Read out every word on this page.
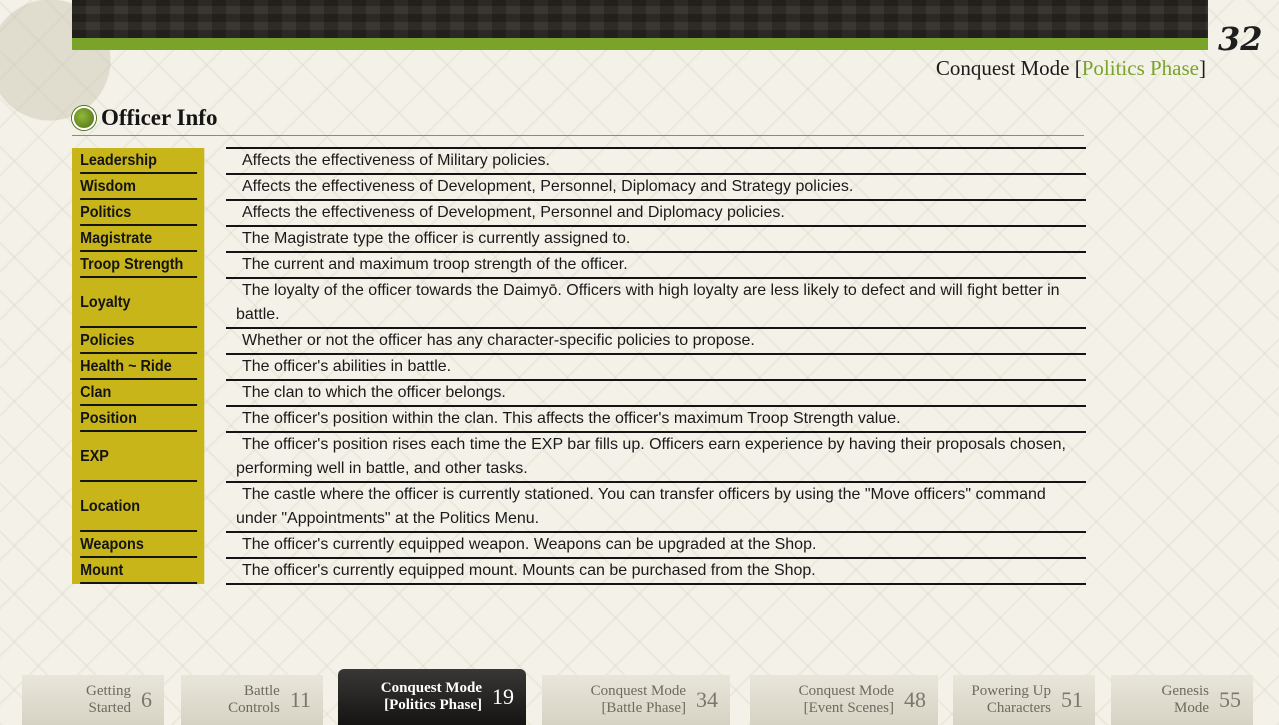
32
Conquest Mode [Politics Phase]
Officer Info
Leadership		Affects the effectiveness of Military policies.

Wisdom		Affects the effectiveness of Development, Personnel, Diplomacy and Strategy policies.

Politics		Affects the effectiveness of Development, Personnel and Diplomacy policies.

Magistrate		The Magistrate type the officer is currently assigned to.

Troop Strength		The current and maximum troop strength of the officer.

Loyalty		The loyalty of the officer towards the Daimyō. Officers with high loyalty are less likely to defect and will fight better in battle.

Policies		Whether or not the officer has any character-specific policies to propose.

Health ~ Ride		The officer's abilities in battle.

Clan		The clan to which the officer belongs.

Position		The officer's position within the clan. This affects the officer's maximum Troop Strength value.

EXP		The officer's position rises each time the EXP bar fills up. Officers earn experience by having their proposals chosen, performing well in battle, and other tasks.

Location		The castle where the officer is currently stationed. You can transfer officers by using the "Move officers" command under "Appointments" at the Politics Menu.

Weapons		The officer's currently equipped weapon. Weapons can be upgraded at the Shop.

Mount		The officer's currently equipped mount. Mounts can be purchased from the Shop.
Getting
Started 6	Battle
Controls 11	Conquest Mode
[Politics Phase] 19	Conquest Mode
[Battle Phase] 34	Conquest Mode
[Event Scenes] 48	Powering Up
Characters 51	Genesis
Mode 55
